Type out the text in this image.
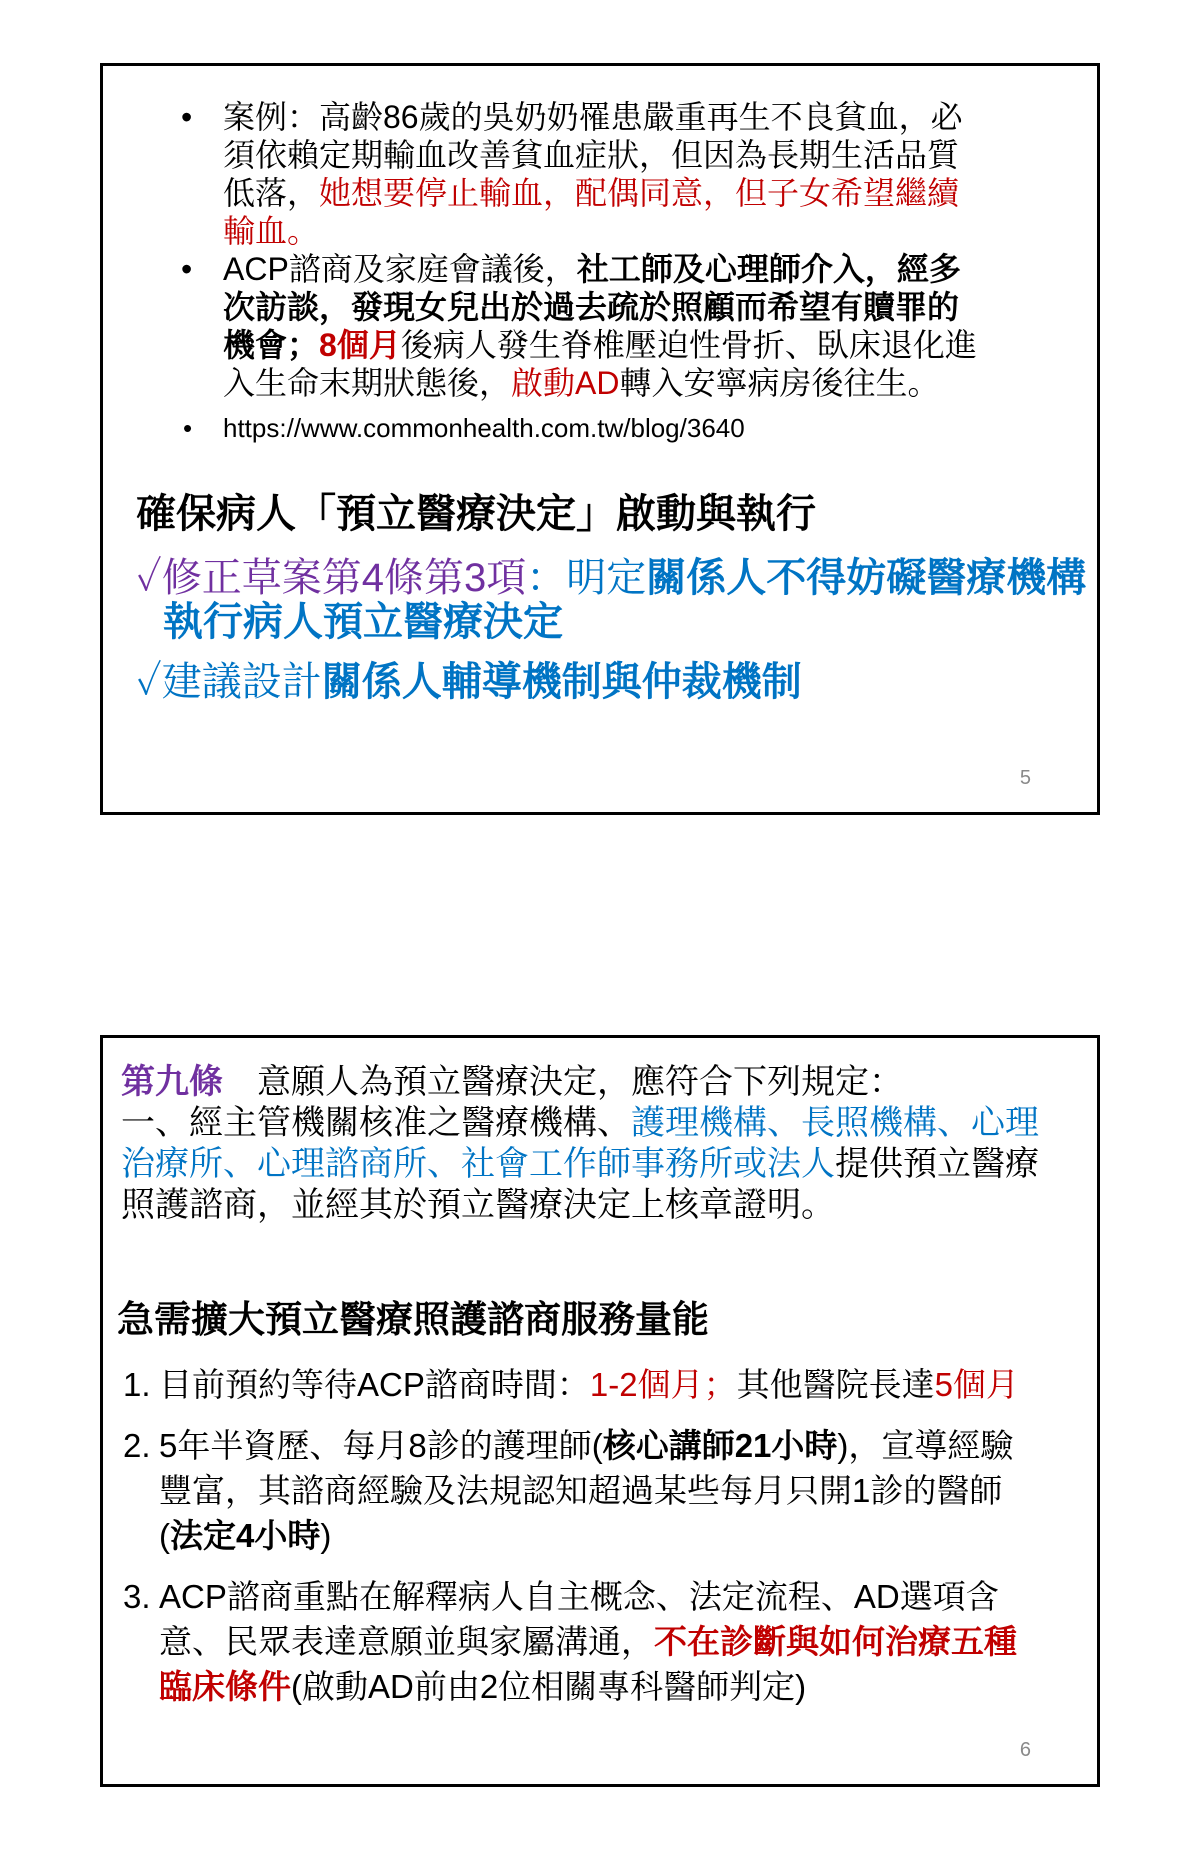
• 案例：高齡86歲的吳奶奶罹患嚴重再生不良貧血，必須依賴定期輸血改善貧血症狀，但因為長期生活品質低落，她想要停止輸血，配偶同意，但子女希望繼續輸血。
• ACP諮商及家庭會議後，社工師及心理師介入，經多次訪談，發現女兒出於過去疏於照顧而希望有贖罪的機會；8個月後病人發生脊椎壓迫性骨折、臥床退化進入生命末期狀態後，啟動AD轉入安寧病房後往生。
• https://www.commonhealth.com.tw/blog/3640
確保病人「預立醫療決定」啟動與執行
✓修正草案第4條第3項：明定關係人不得妨礙醫療機構執行病人預立醫療決定
✓建議設計關係人輔導機制與仲裁機制
5
第九條　意願人為預立醫療決定，應符合下列規定：
一、經主管機關核准之醫療機構、護理機構、長照機構、心理治療所、心理諮商所、社會工作師事務所或法人提供預立醫療照護諮商，並經其於預立醫療決定上核章證明。
急需擴大預立醫療照護諮商服務量能
1. 目前預約等待ACP諮商時間：1-2個月；其他醫院長達5個月
2. 5年半資歷、每月8診的護理師(核心講師21小時)，宣導經驗豐富，其諮商經驗及法規認知超過某些每月只開1診的醫師(法定4小時)
3. ACP諮商重點在解釋病人自主概念、法定流程、AD選項含意、民眾表達意願並與家屬溝通，不在診斷與如何治療五種臨床條件(啟動AD前由2位相關專科醫師判定)
6
